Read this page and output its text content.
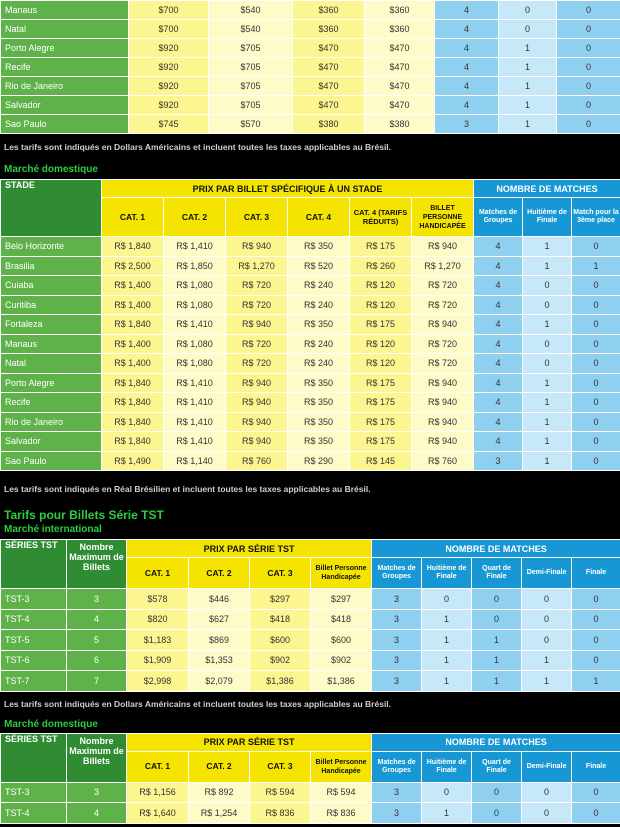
Manaus	$700	$540	$360	$360	4	0	0
Natal	$700	$540	$360	$360	4	0	0
Porto Alegre	$920	$705	$470	$470	4	1	0
Recife	$920	$705	$470	$470	4	1	0
Rio de Janeiro	$920	$705	$470	$470	4	1	0
Salvador	$920	$705	$470	$470	4	1	0
Sao Paulo	$745	$570	$380	$380	3	1	0
Les tarifs sont indiqués en Dollars Américains et incluent toutes les taxes applicables au Brésil.
Marché domestique
STADE	PRIX PAR BILLET SPÉCIFIQUE À UN STADE						NOMBRE DE MATCHES		
	CAT. 1	CAT. 2	CAT. 3	CAT. 4	CAT. 4 (TARIFS RÉDUITS)	BILLET PERSONNE HANDICAPÉE	Matches de Groupes	Huitième de Finale	Match pour la 3ème place
Belo Horizonte	R$ 1,840	R$ 1,410	R$ 940	R$ 350	R$ 175	R$ 940	4	1	0
Brasilia	R$ 2,500	R$ 1,850	R$ 1,270	R$ 520	R$ 260	R$ 1,270	4	1	1
Cuiaba	R$ 1,400	R$ 1,080	R$ 720	R$ 240	R$ 120	R$ 720	4	0	0
Curitiba	R$ 1,400	R$ 1,080	R$ 720	R$ 240	R$ 120	R$ 720	4	0	0
Fortaleza	R$ 1,840	R$ 1,410	R$ 940	R$ 350	R$ 175	R$ 940	4	1	0
Manaus	R$ 1,400	R$ 1,080	R$ 720	R$ 240	R$ 120	R$ 720	4	0	0
Natal	R$ 1,400	R$ 1,080	R$ 720	R$ 240	R$ 120	R$ 720	4	0	0
Porto Alegre	R$ 1,840	R$ 1,410	R$ 940	R$ 350	R$ 175	R$ 940	4	1	0
Recife	R$ 1,840	R$ 1,410	R$ 940	R$ 350	R$ 175	R$ 940	4	1	0
Rio de Janeiro	R$ 1,840	R$ 1,410	R$ 940	R$ 350	R$ 175	R$ 940	4	1	0
Salvador	R$ 1,840	R$ 1,410	R$ 940	R$ 350	R$ 175	R$ 940	4	1	0
Sao Paulo	R$ 1,490	R$ 1,140	R$ 760	R$ 290	R$ 145	R$ 760	3	1	0
Les tarifs sont indiqués en Réal Brésilien et incluent toutes les taxes applicables au Brésil.
Tarifs pour Billets Série TST
Marché international
SÉRIES TST	Nombre Maximum de Billets	PRIX PAR SÉRIE TST				NOMBRE DE MATCHES				
		CAT. 1	CAT. 2	CAT. 3	Billet Personne Handicapée	Matches de Groupes	Huitième de Finale	Quart de Finale	Demi-Finale	Finale
TST-3	3	$578	$446	$297	$297	3	0	0	0	0
TST-4	4	$820	$627	$418	$418	3	1	0	0	0
TST-5	5	$1,183	$869	$600	$600	3	1	1	0	0
TST-6	6	$1,909	$1,353	$902	$902	3	1	1	1	0
TST-7	7	$2,998	$2,079	$1,386	$1,386	3	1	1	1	1
Les tarifs sont indiqués en Dollars Américains et incluent toutes les taxes applicables au Brésil.
Marché domestique
SÉRIES TST	Nombre Maximum de Billets	PRIX PAR SÉRIE TST				NOMBRE DE MATCHES				
		CAT. 1	CAT. 2	CAT. 3	Billet Personne Handicapée	Matches de Groupes	Huitième de Finale	Quart de Finale	Demi-Finale	Finale
TST-3	3	R$ 1,156	R$ 892	R$ 594	R$ 594	3	0	0	0	0
TST-4	4	R$ 1,640	R$ 1,254	R$ 836	R$ 836	3	1	0	0	0
